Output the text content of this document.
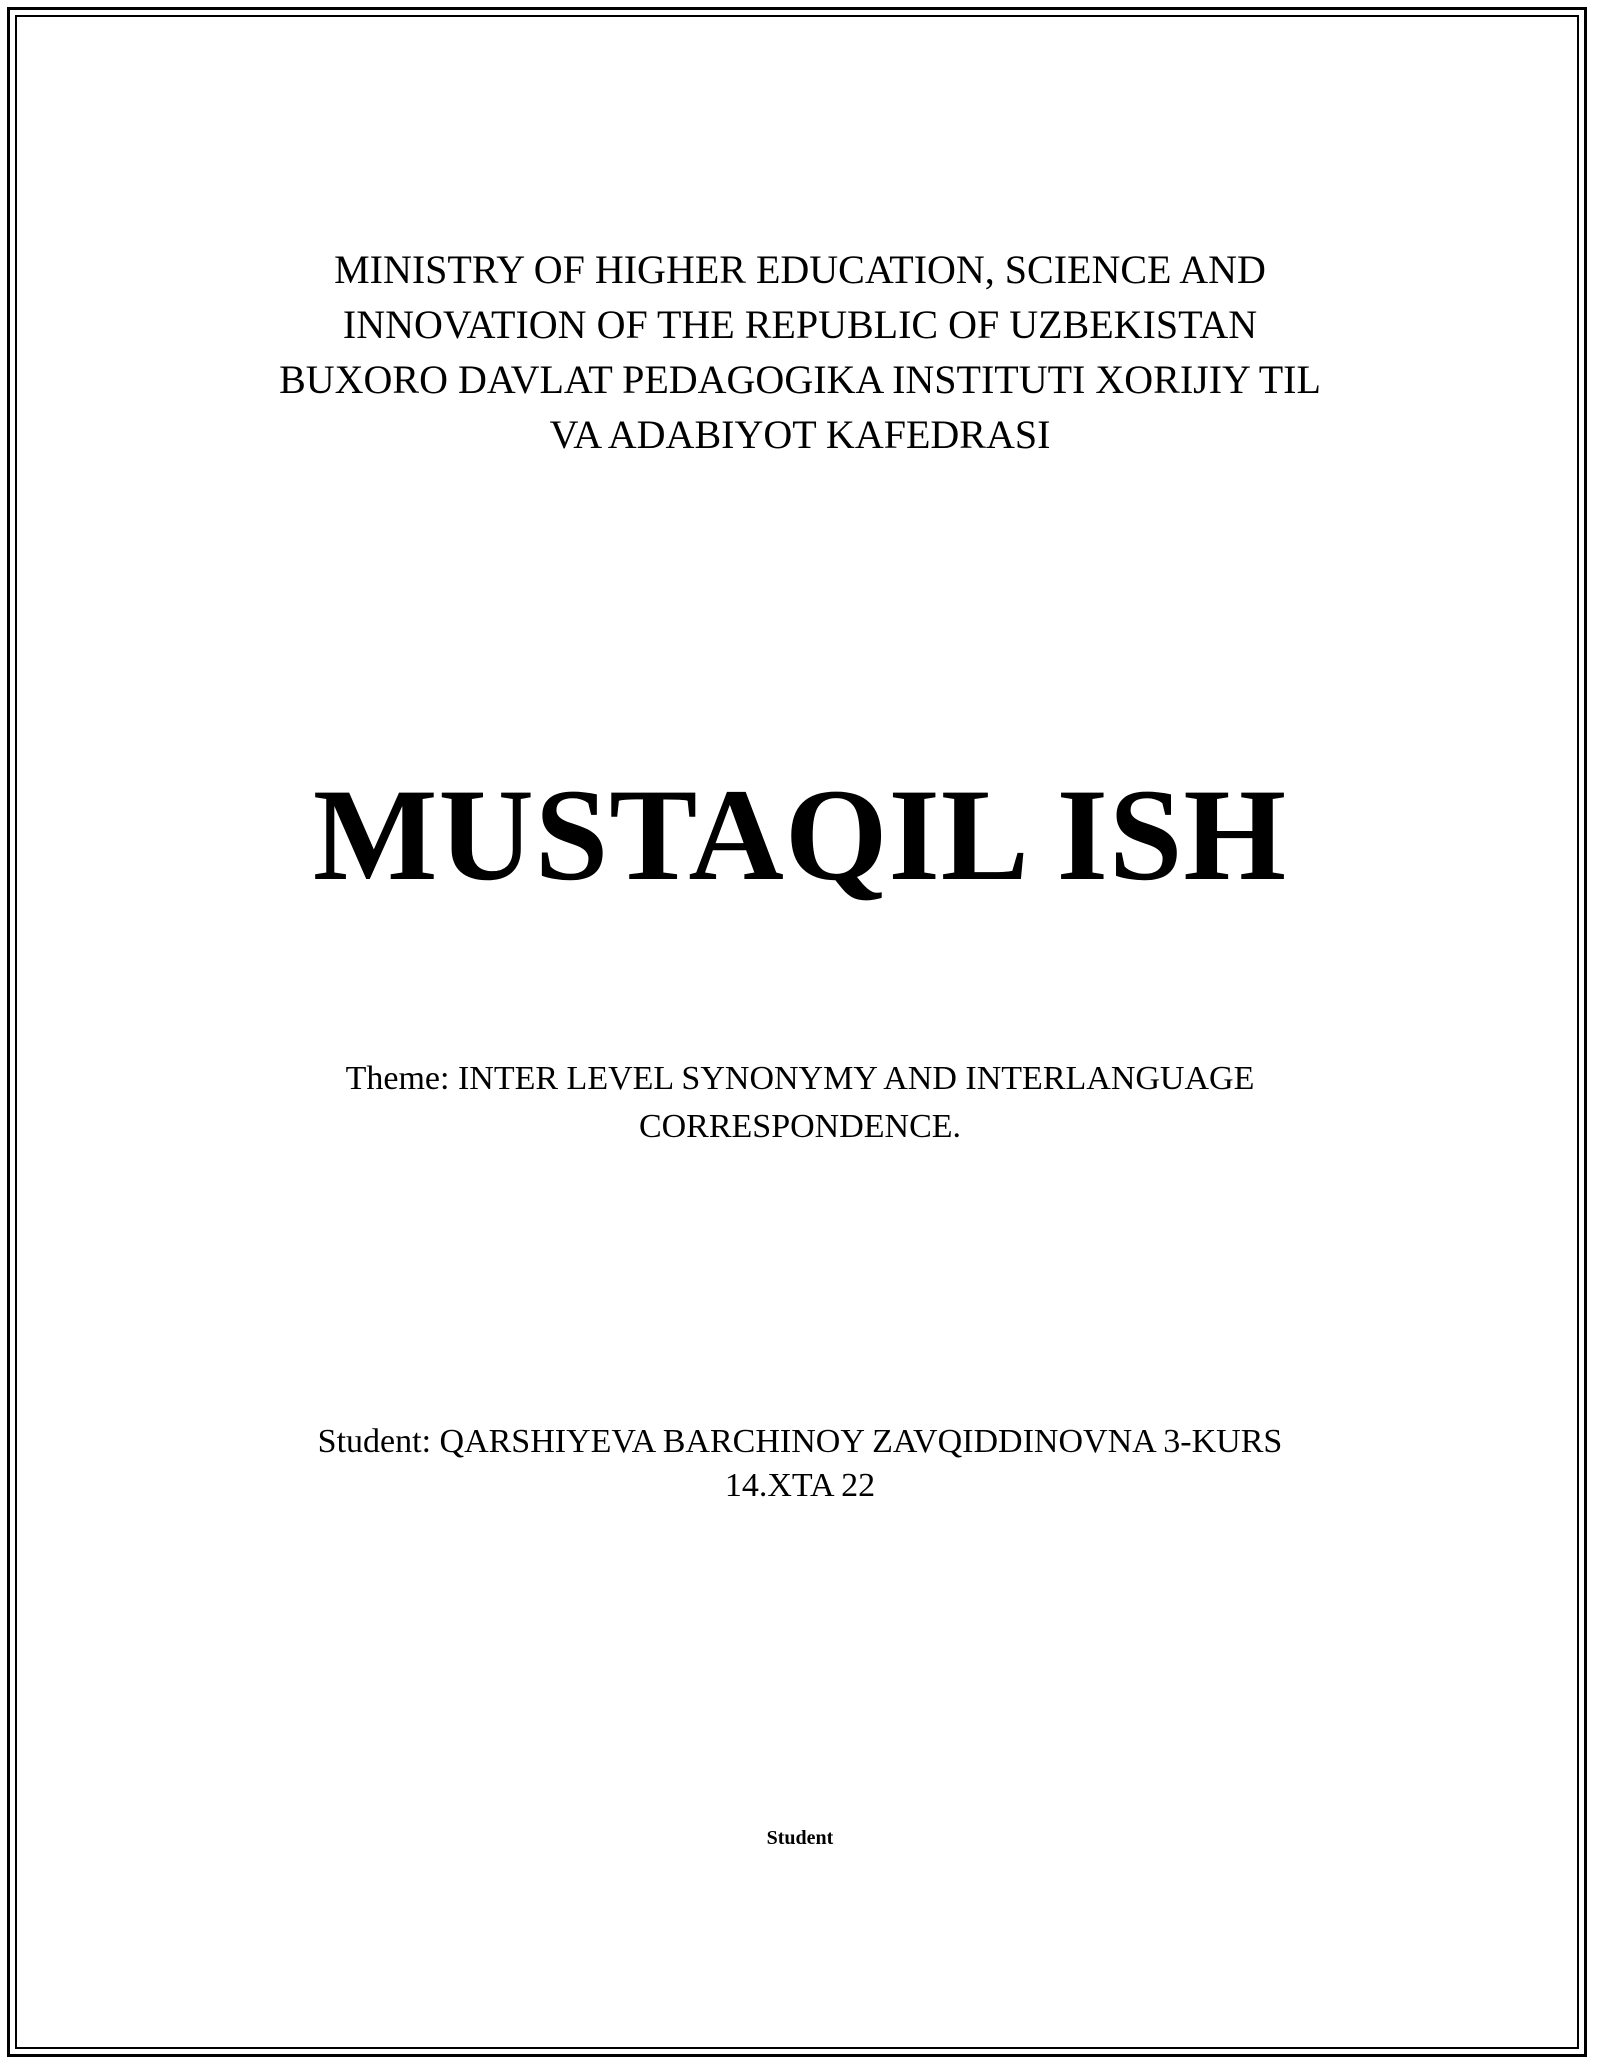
MINISTRY OF HIGHER EDUCATION, SCIENCE AND
INNOVATION OF THE REPUBLIC OF UZBEKISTAN
BUXORO DAVLAT PEDAGOGIKA INSTITUTI XORIJIY TIL
VA ADABIYOT KAFEDRASI
MUSTAQIL ISH
Theme: INTER LEVEL SYNONYMY AND INTERLANGUAGE
CORRESPONDENCE.
Student: QARSHIYEVA BARCHINOY ZAVQIDDINOVNA 3-KURS
14.XTA 22
Student
